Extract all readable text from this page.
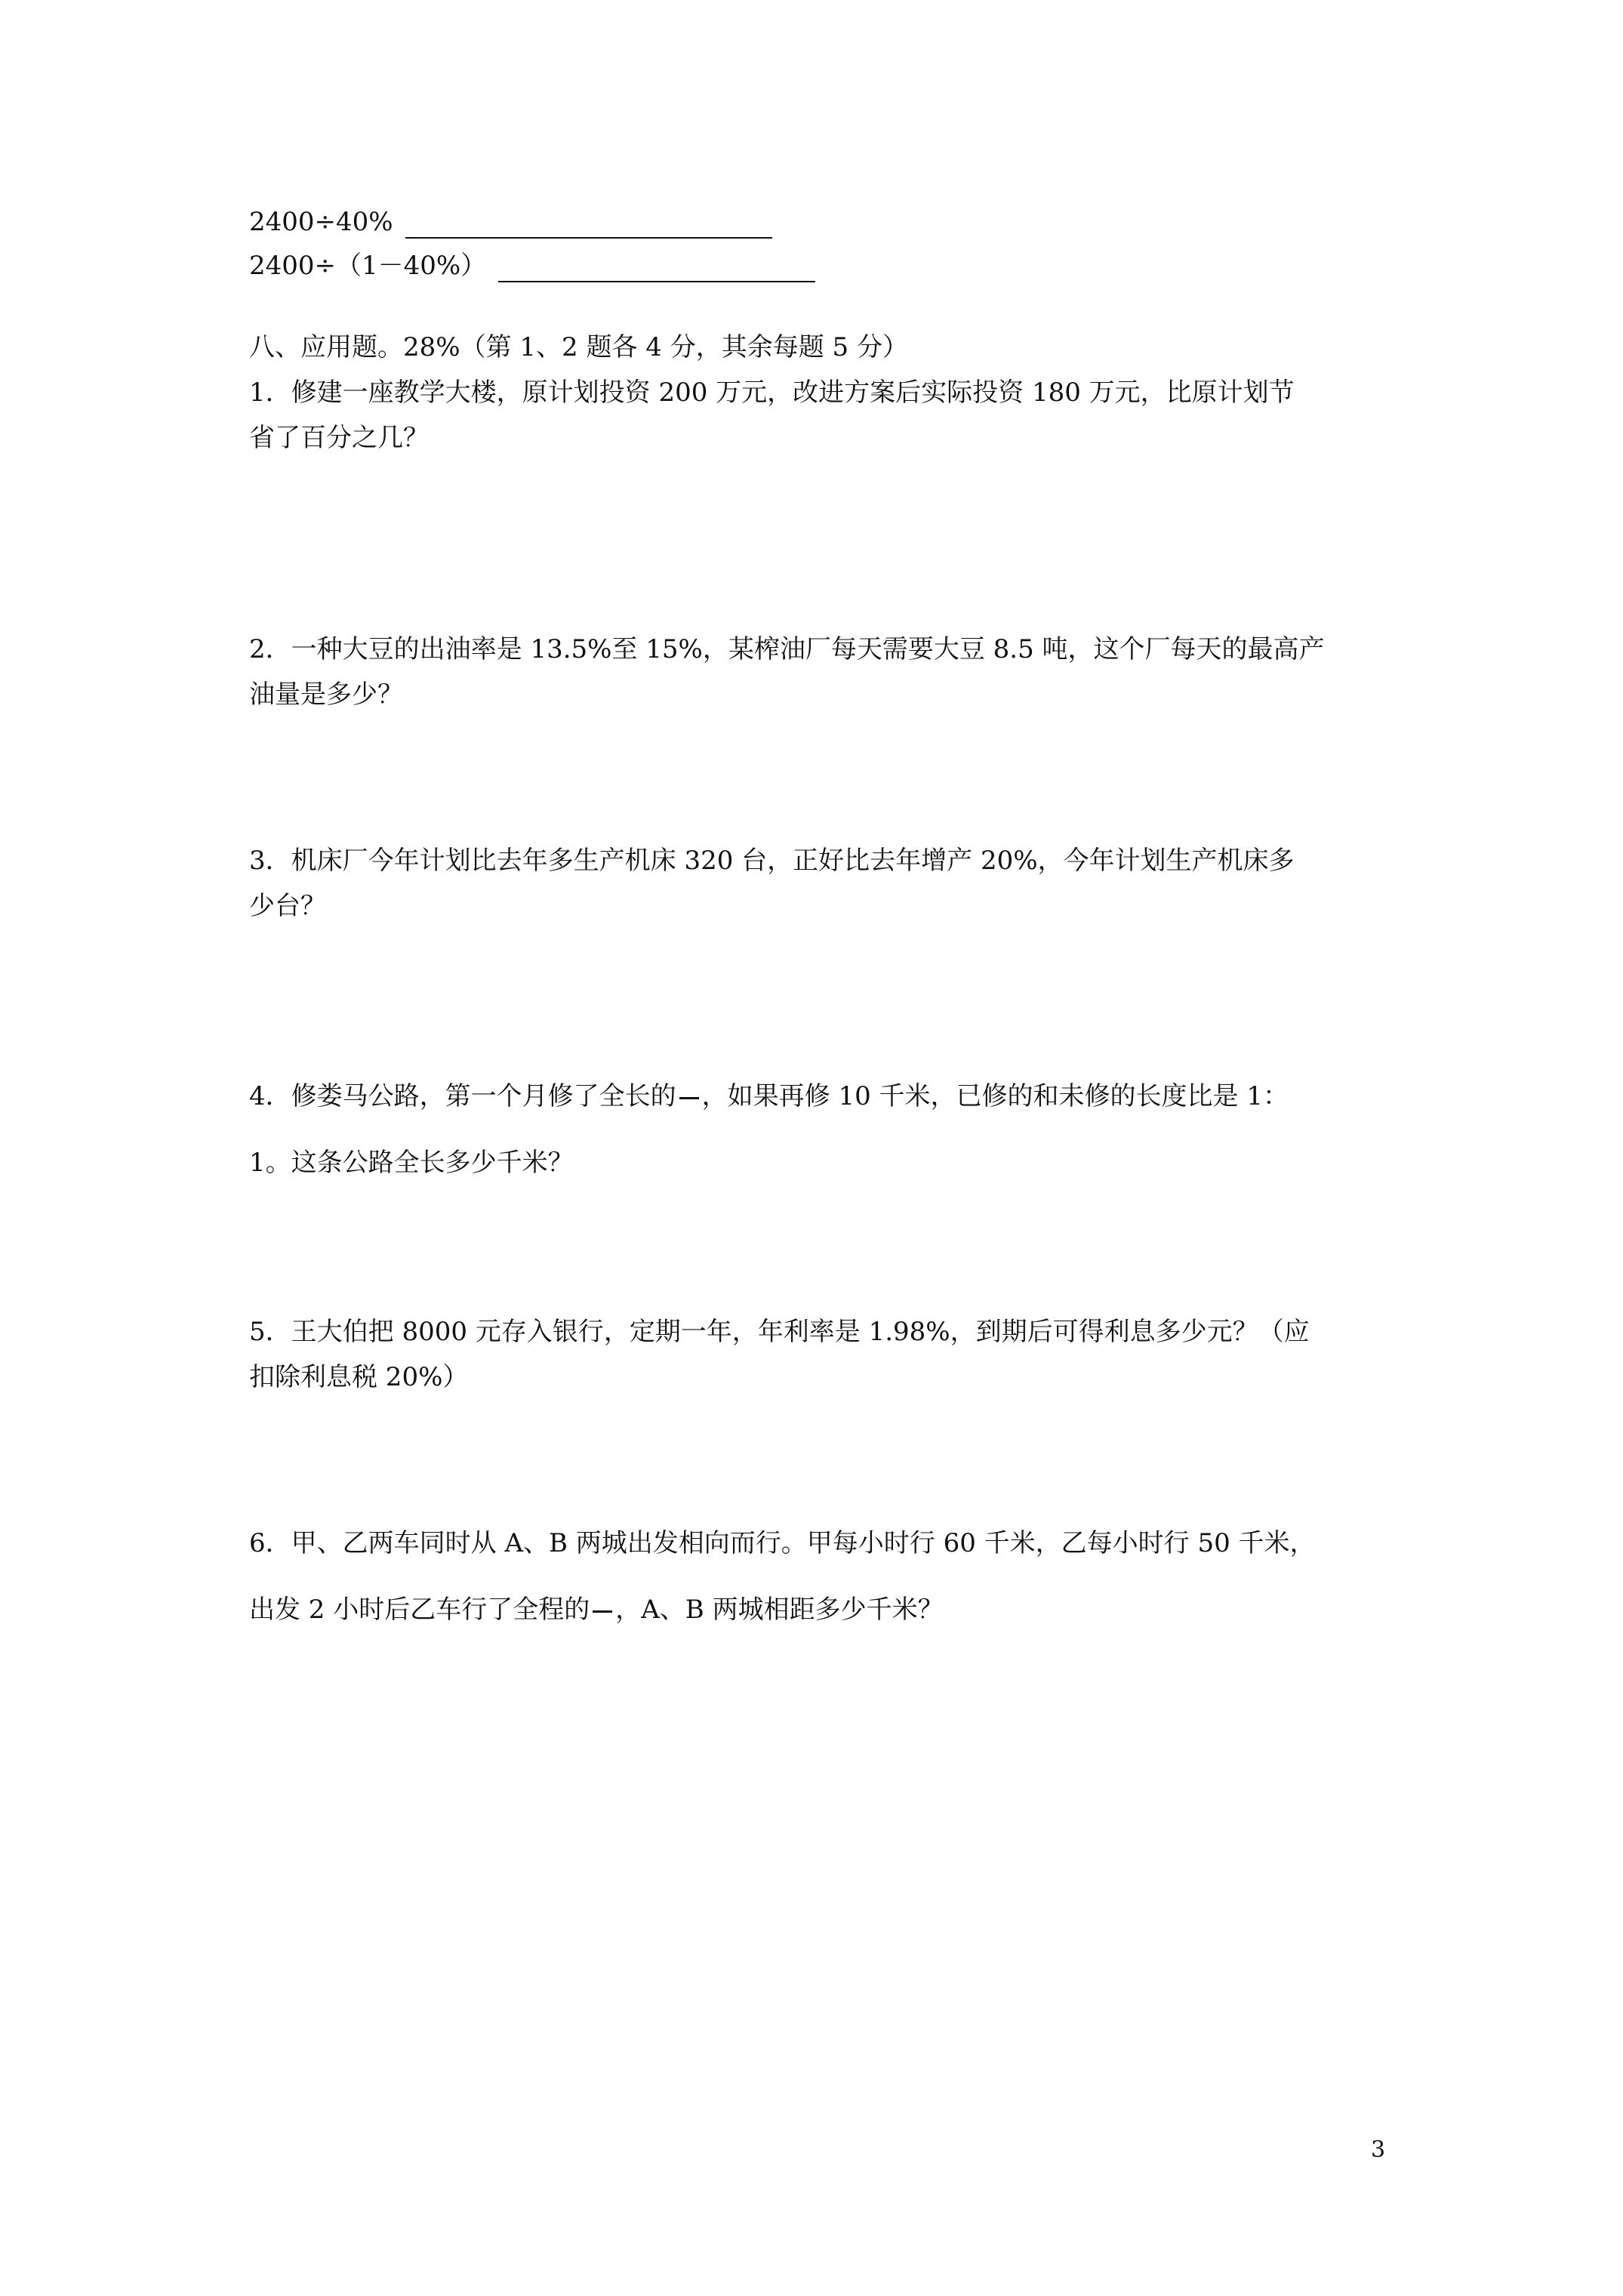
2400÷40%
2400÷（1－40%）
八、应用题。28%（第 1、2 题各 4 分，其余每题 5 分）
1．修建一座教学大楼，原计划投资 200 万元，改进方案后实际投资 180 万元，比原计划节
省了百分之几？
2．一种大豆的出油率是 13.5%至 15%，某榨油厂每天需要大豆 8.5 吨，这个厂每天的最高产
油量是多少？
3．机床厂今年计划比去年多生产机床 320 台，正好比去年增产 20%，今年计划生产机床多
少台？
4．修娄马公路，第一个月修了全长的 ，如果再修 10 千米，已修的和未修的长度比是 1：
1。这条公路全长多少千米？
5．王大伯把 8000 元存入银行，定期一年，年利率是 1.98%，到期后可得利息多少元？（应
扣除利息税 20%）
6．甲、乙两车同时从 A、B 两城出发相向而行。甲每小时行 60 千米，乙每小时行 50 千米，
出发 2 小时后乙车行了全程的 ，A、B 两城相距多少千米？
3
